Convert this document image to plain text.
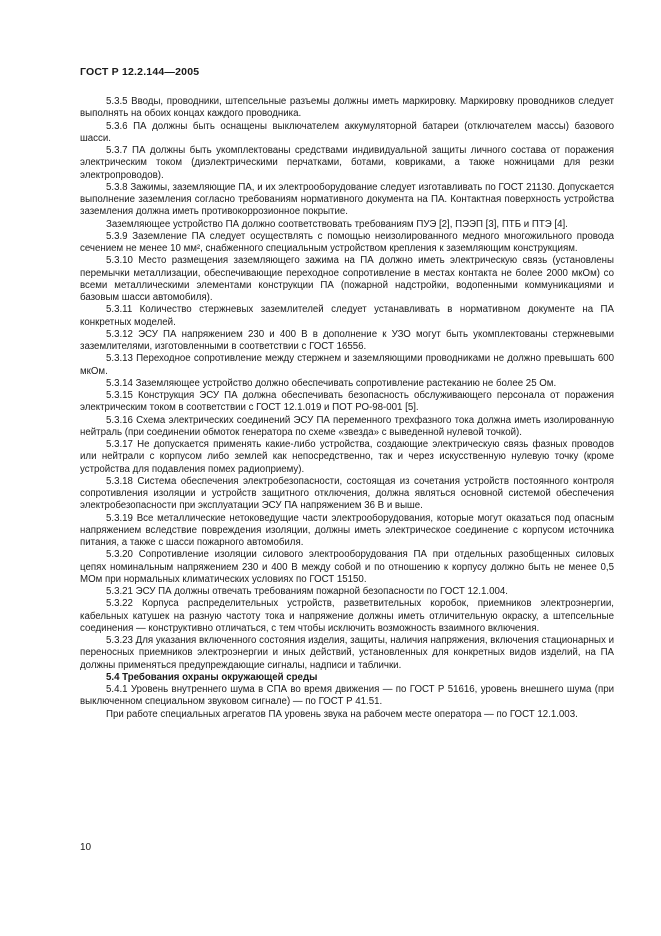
ГОСТ Р 12.2.144—2005

5.3.5 Вводы, проводники, штепсельные разъемы должны иметь маркировку. Маркировку проводников следует выполнять на обоих концах каждого проводника.

5.3.6 ПА должны быть оснащены выключателем аккумуляторной батареи (отключателем массы) базового шасси.

5.3.7 ПА должны быть укомплектованы средствами индивидуальной защиты личного состава от поражения электрическим током (диэлектрическими перчатками, ботами, ковриками, а также ножницами для резки электропроводов).

5.3.8 Зажимы, заземляющие ПА, и их электрооборудование следует изготавливать по ГОСТ 21130. Допускается выполнение заземления согласно требованиям нормативного документа на ПА. Контактная поверхность устройства заземления должна иметь противокоррозионное покрытие.

Заземляющее устройство ПА должно соответствовать требованиям ПУЭ [2], ПЭЭП [3], ПТБ и ПТЭ [4].

5.3.9 Заземление ПА следует осуществлять с помощью неизолированного медного многожильного провода сечением не менее 10 мм², снабженного специальным устройством крепления к заземляющим конструкциям.

5.3.10 Место размещения заземляющего зажима на ПА должно иметь электрическую связь (установлены перемычки металлизации, обеспечивающие переходное сопротивление в местах контакта не более 2000 мкОм) со всеми металлическими элементами конструкции ПА (пожарной надстройки, водопенными коммуникациями и базовым шасси автомобиля).

5.3.11 Количество стержневых заземлителей следует устанавливать в нормативном документе на ПА конкретных моделей.

5.3.12 ЭСУ ПА напряжением 230 и 400 В в дополнение к УЗО могут быть укомплектованы стержневыми заземлителями, изготовленными в соответствии с ГОСТ 16556.

5.3.13 Переходное сопротивление между стержнем и заземляющими проводниками не должно превышать 600 мкОм.

5.3.14 Заземляющее устройство должно обеспечивать сопротивление растеканию не более 25 Ом.

5.3.15 Конструкция ЭСУ ПА должна обеспечивать безопасность обслуживающего персонала от поражения электрическим током в соответствии с ГОСТ 12.1.019 и ПОТ РО-98-001 [5].

5.3.16 Схема электрических соединений ЭСУ ПА переменного трехфазного тока должна иметь изолированную нейтраль (при соединении обмоток генератора по схеме «звезда» с выведенной нулевой точкой).

5.3.17 Не допускается применять какие-либо устройства, создающие электрическую связь фазных проводов или нейтрали с корпусом либо землей как непосредственно, так и через искусственную нулевую точку (кроме устройства для подавления помех радиоприему).

5.3.18 Система обеспечения электробезопасности, состоящая из сочетания устройств постоянного контроля сопротивления изоляции и устройств защитного отключения, должна являться основной системой обеспечения электробезопасности при эксплуатации ЭСУ ПА напряжением 36 В и выше.

5.3.19 Все металлические нетоковедущие части электрооборудования, которые могут оказаться под опасным напряжением вследствие повреждения изоляции, должны иметь электрическое соединение с корпусом источника питания, а также с шасси пожарного автомобиля.

5.3.20 Сопротивление изоляции силового электрооборудования ПА при отдельных разобщенных силовых цепях номинальным напряжением 230 и 400 В между собой и по отношению к корпусу должно быть не менее 0,5 МОм при нормальных климатических условиях по ГОСТ 15150.

5.3.21 ЭСУ ПА должны отвечать требованиям пожарной безопасности по ГОСТ 12.1.004.

5.3.22 Корпуса распределительных устройств, разветвительных коробок, приемников электроэнергии, кабельных катушек на разную частоту тока и напряжение должны иметь отличительную окраску, а штепсельные соединения — конструктивно отличаться, с тем чтобы исключить возможность взаимного включения.

5.3.23 Для указания включенного состояния изделия, защиты, наличия напряжения, включения стационарных и переносных приемников электроэнергии и иных действий, установленных для конкретных видов изделий, на ПА должны применяться предупреждающие сигналы, надписи и таблички.

5.4 Требования охраны окружающей среды

5.4.1 Уровень внутреннего шума в СПА во время движения — по ГОСТ Р 51616, уровень внешнего шума (при выключенном специальном звуковом сигнале) — по ГОСТ Р 41.51.

При работе специальных агрегатов ПА уровень звука на рабочем месте оператора — по ГОСТ 12.1.003.

10
